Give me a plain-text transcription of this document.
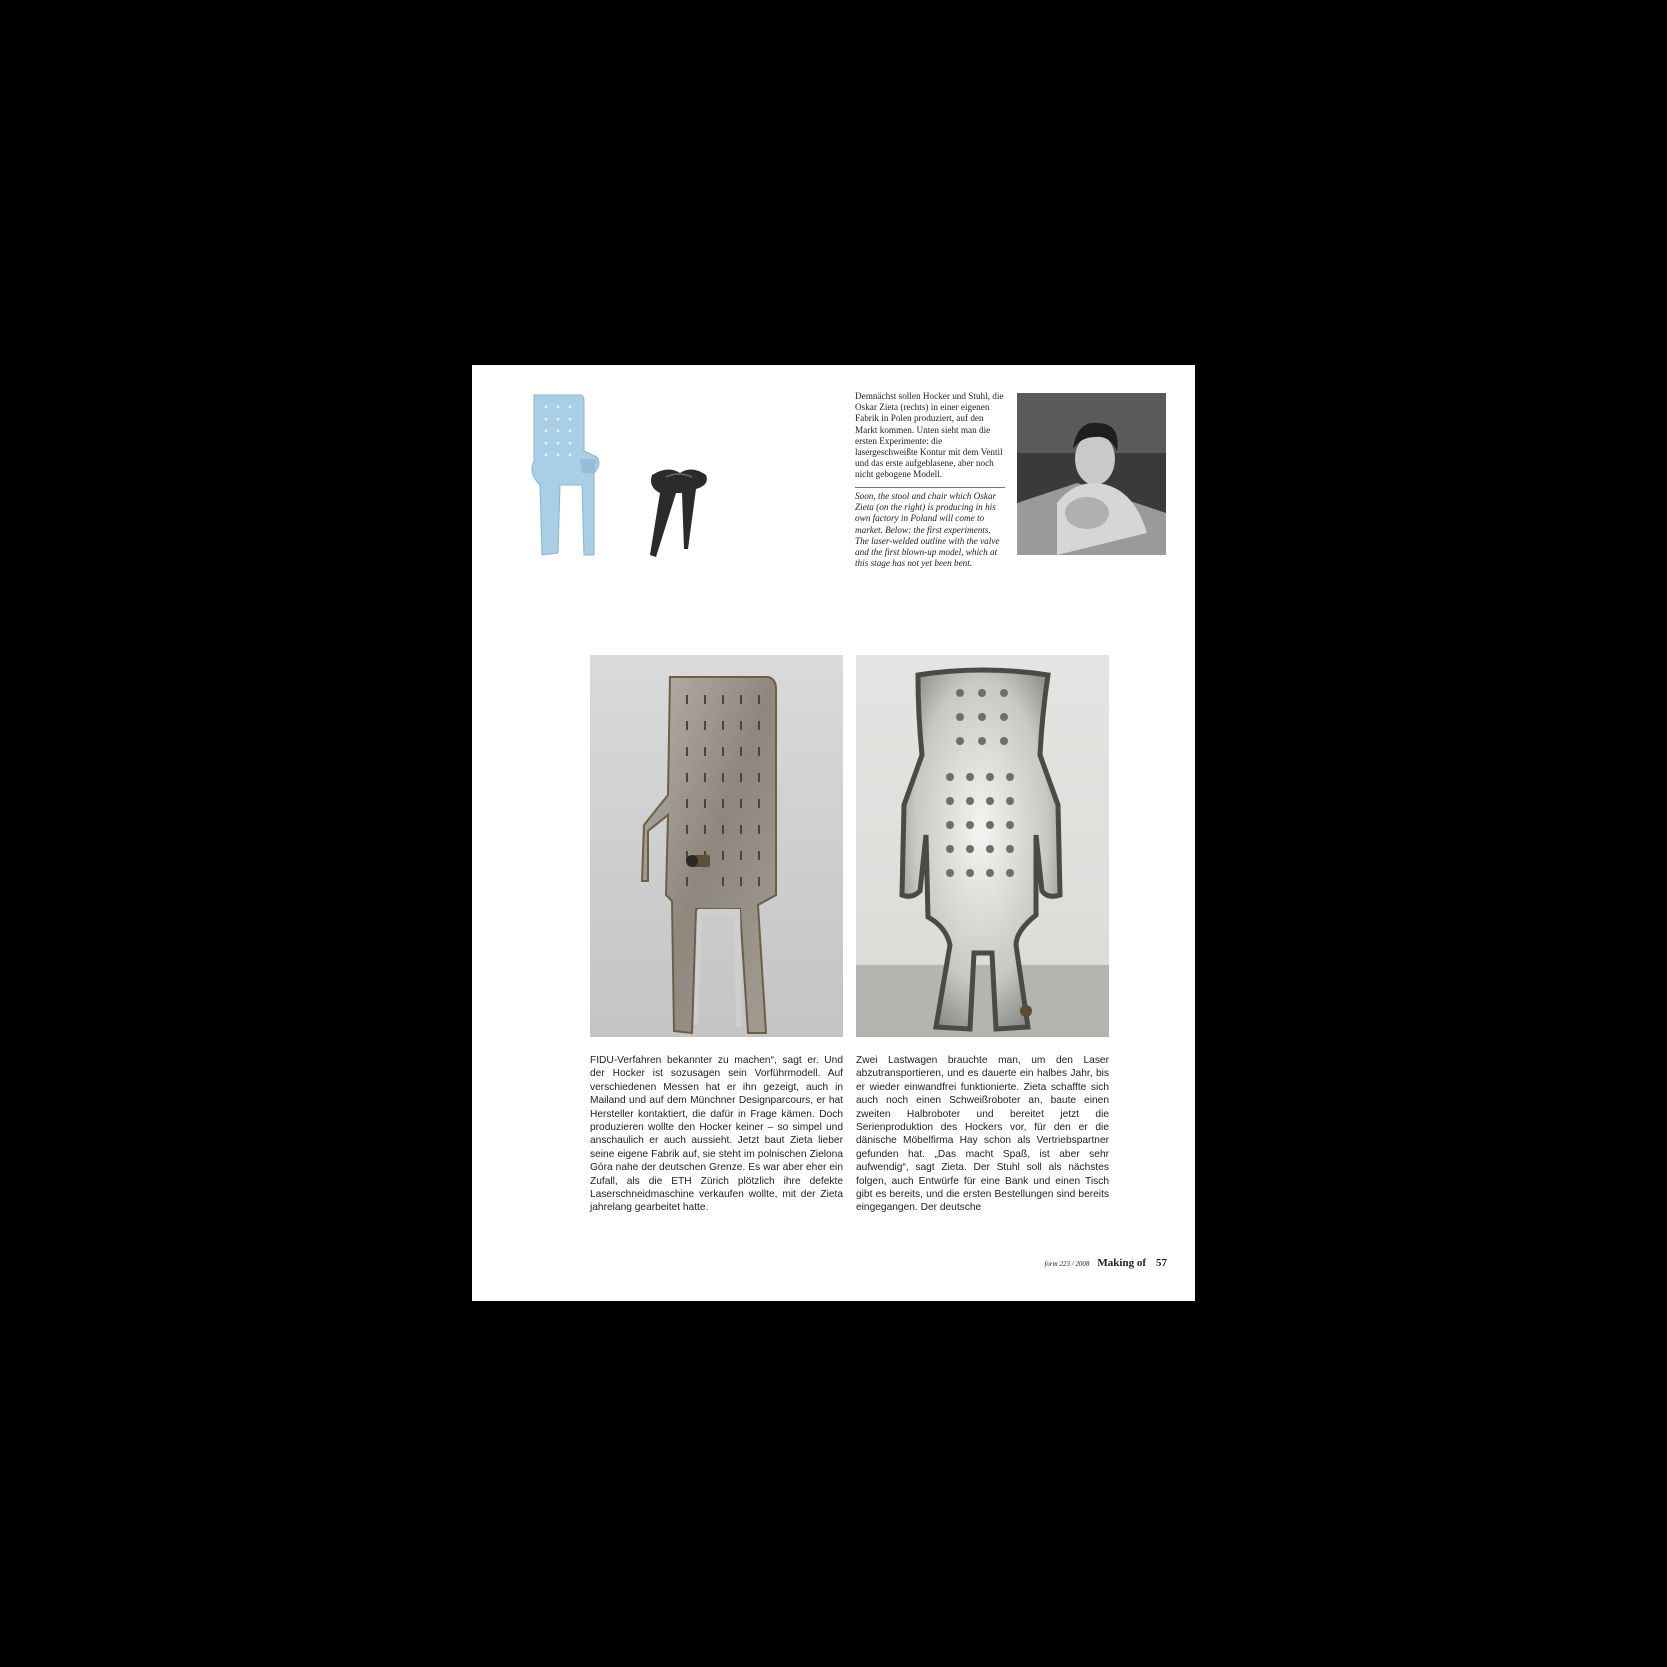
Demnächst sollen Hocker und Stuhl, die Oskar Zieta (rechts) in einer eigenen Fabrik in Polen produziert, auf den Markt kommen. Unten sieht man die ersten Experimente: die lasergeschweißte Kontur mit dem Ventil und das erste aufgeblasene, aber noch nicht gebogene Modell.

Soon, the stool and chair which Oskar Zieta (on the right) is producing in his own factory in Poland will come to market. Below: the first experiments. The laser-welded outline with the valve and the first blown-up model, which at this stage has not yet been bent.

FIDU-Verfahren bekannter zu machen“, sagt er. Und der Hocker ist sozusagen sein Vorführmodell. Auf verschiedenen Messen hat er ihn gezeigt, auch in Mailand und auf dem Münchner Designparcours, er hat Hersteller kontaktiert, die dafür in Frage kämen. Doch produzieren wollte den Hocker keiner – so simpel und anschaulich er auch aussieht. Jetzt baut Zieta lieber seine eigene Fabrik auf, sie steht im polnischen Zielona Góra nahe der deutschen Grenze. Es war aber eher ein Zufall, als die ETH Zürich plötzlich ihre defekte Laserschneidmaschine verkaufen wollte, mit der Zieta jahrelang gearbeitet hatte.

Zwei Lastwagen brauchte man, um den Laser abzutransportieren, und es dauerte ein halbes Jahr, bis er wieder einwandfrei funktionierte. Zieta schaffte sich auch noch einen Schweißroboter an, baute einen zweiten Halbroboter und bereitet jetzt die Serienproduktion des Hockers vor, für den er die dänische Möbelfirma Hay schon als Vertriebspartner gefunden hat. „Das macht Spaß, ist aber sehr aufwendig“, sagt Zieta. Der Stuhl soll als nächstes folgen, auch Entwürfe für eine Bank und einen Tisch gibt es bereits, und die ersten Bestellungen sind bereits eingegangen. Der deutsche

form 223 / 2008 Making of 57
